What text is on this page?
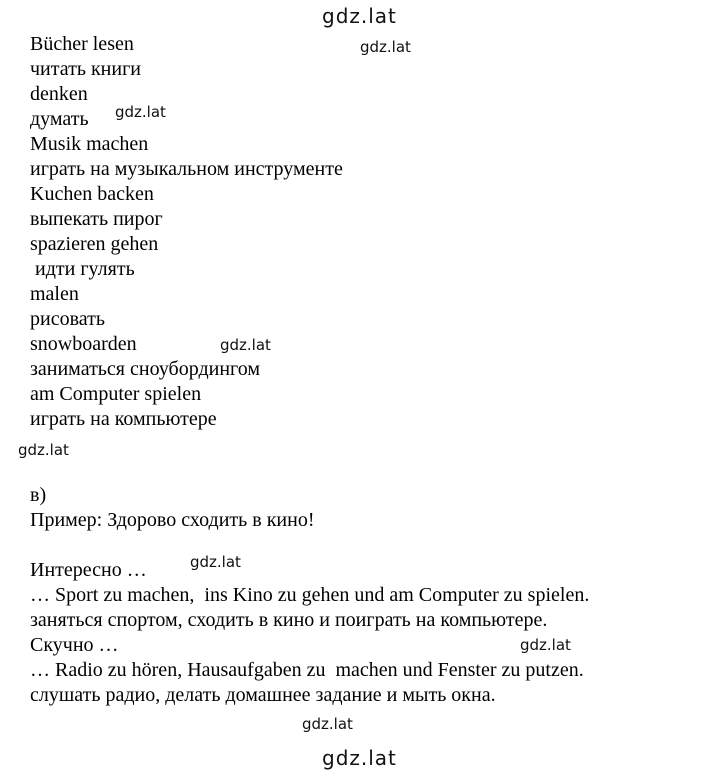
gdz.lat
gdz.lat
gdz.lat
gdz.lat
gdz.lat
gdz.lat
gdz.lat
gdz.lat
gdz.lat
Bücher lesen
читать книги
denken
думать
Musik machen
играть на музыкальном инструменте
Kuchen backen
выпекать пирог
spazieren gehen
идти гулять
malen
рисовать
snowboarden
заниматься сноубордингом
am Computer spielen
играть на компьютере
в)
Пример: Здорово сходить в кино!
Интересно …
… Sport zu machen,  ins Kino zu gehen und am Computer zu spielen.
заняться спортом, сходить в кино и поиграть на компьютере.
Скучно …
… Radio zu hören, Hausaufgaben zu  machen und Fenster zu putzen.
слушать радио, делать домашнее задание и мыть окна.
